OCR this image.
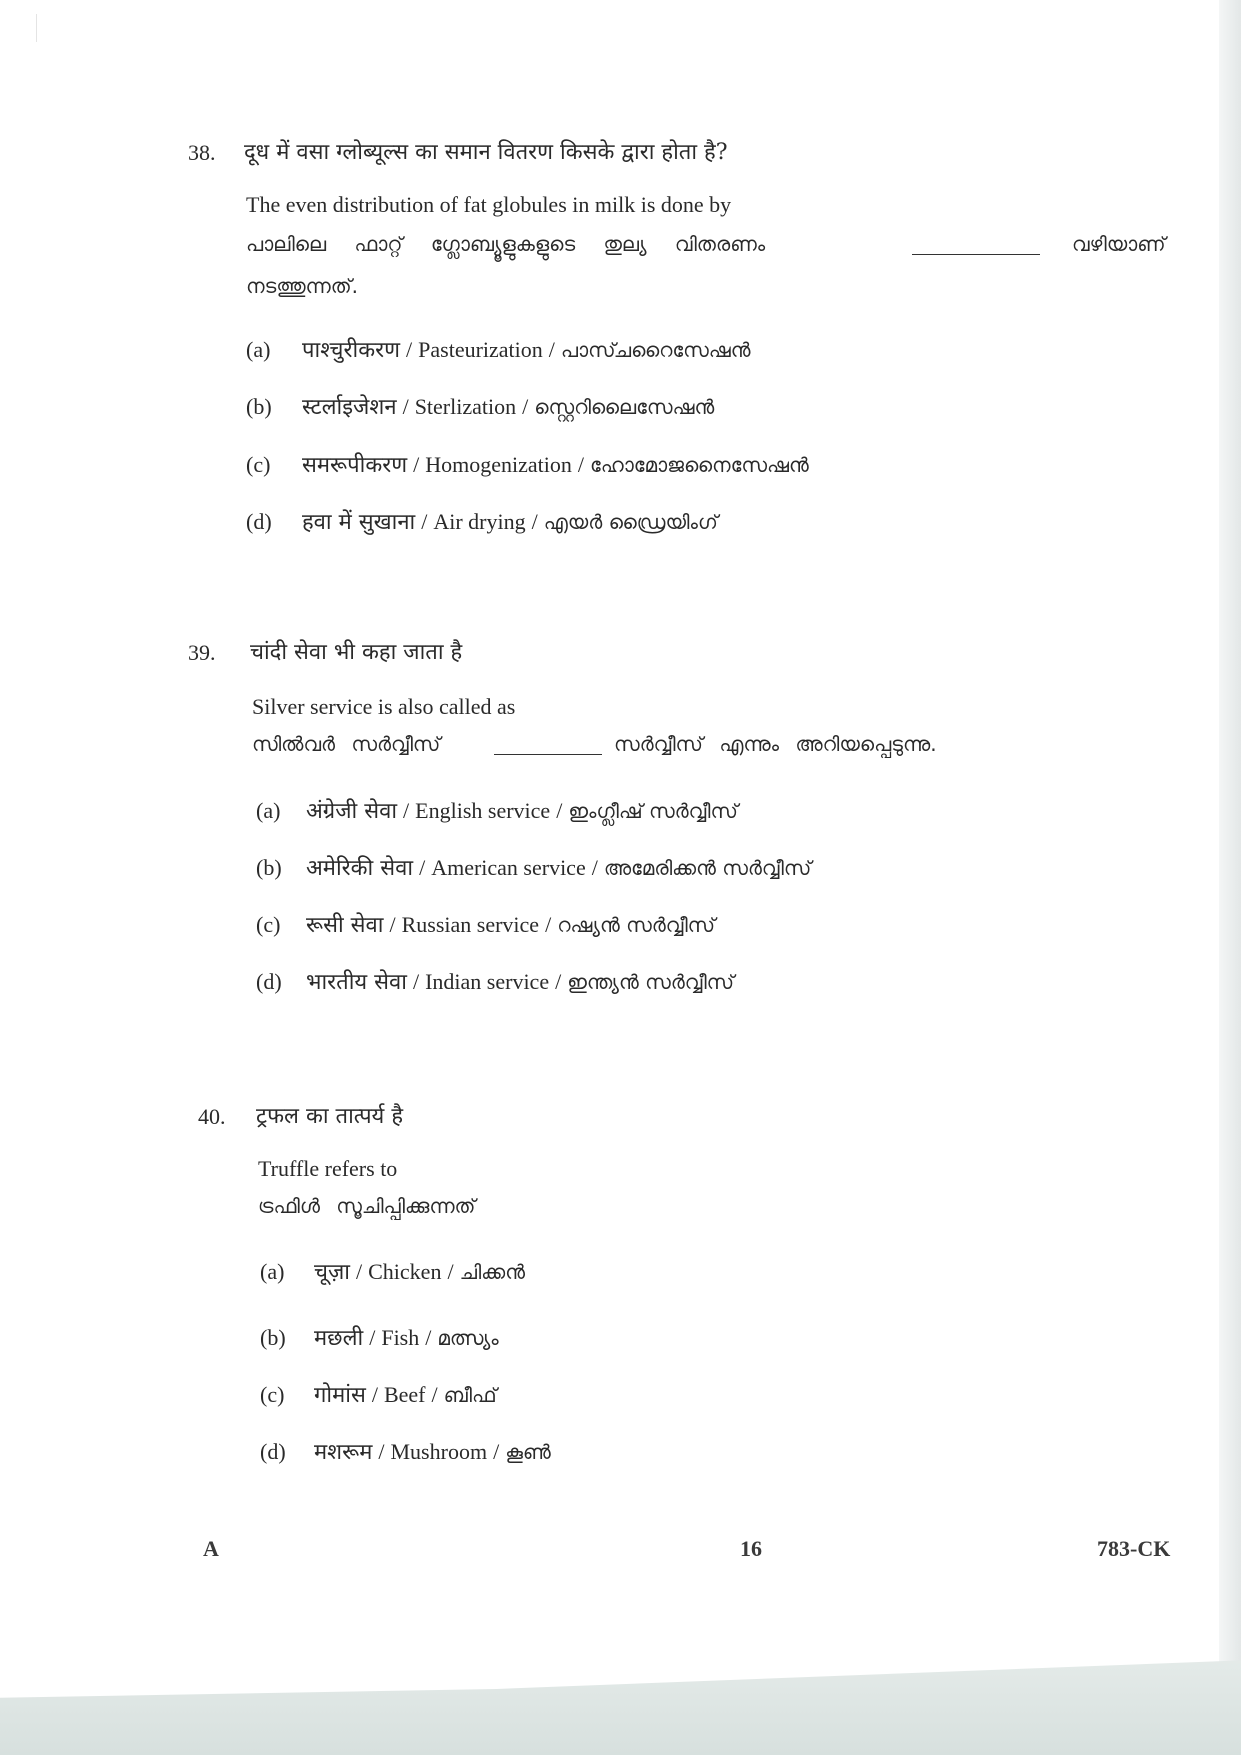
38. दूध में वसा ग्लोब्यूल्स का समान वितरण किसके द्वारा होता है?
The even distribution of fat globules in milk is done by
പാലിലെ ഫാറ്റ് ഗ്ലോബ്യൂളുകളുടെ തുല്യ വിതരണം	വഴിയാണ്
നടത്തുന്നത്.
(a) पाश्चुरीकरण / Pasteurization / പാസ്ചറൈസേഷൻ
(b) स्टर्लाइजेशन / Sterlization / സ്റ്റെറിലൈസേഷൻ
(c) समरूपीकरण / Homogenization / ഹോമോജനൈസേഷൻ
(d) हवा में सुखाना / Air drying / എയർ ഡ്രൈയിംഗ്
39. चांदी सेवा भी कहा जाता है
Silver service is also called as
സിൽവർ സർവ്വീസ്	സർവ്വീസ് എന്നും അറിയപ്പെടുന്നു.
(a) अंग्रेजी सेवा / English service / ഇംഗ്ലീഷ് സർവ്വീസ്
(b) अमेरिकी सेवा / American service / അമേരിക്കൻ സർവ്വീസ്
(c) रूसी सेवा / Russian service / റഷ്യൻ സർവ്വീസ്
(d) भारतीय सेवा / Indian service / ഇന്ത്യൻ സർവ്വീസ്
40. ट्रफल का तात्पर्य है
Truffle refers to
ട്രഫിൾ സൂചിപ്പിക്കുന്നത്
(a) चूज़ा / Chicken / ചിക്കൻ
(b) मछली / Fish / മത്സ്യം
(c) गोमांस / Beef / ബീഫ്
(d) मशरूम / Mushroom / കൂൺ
A	16	783-CK
